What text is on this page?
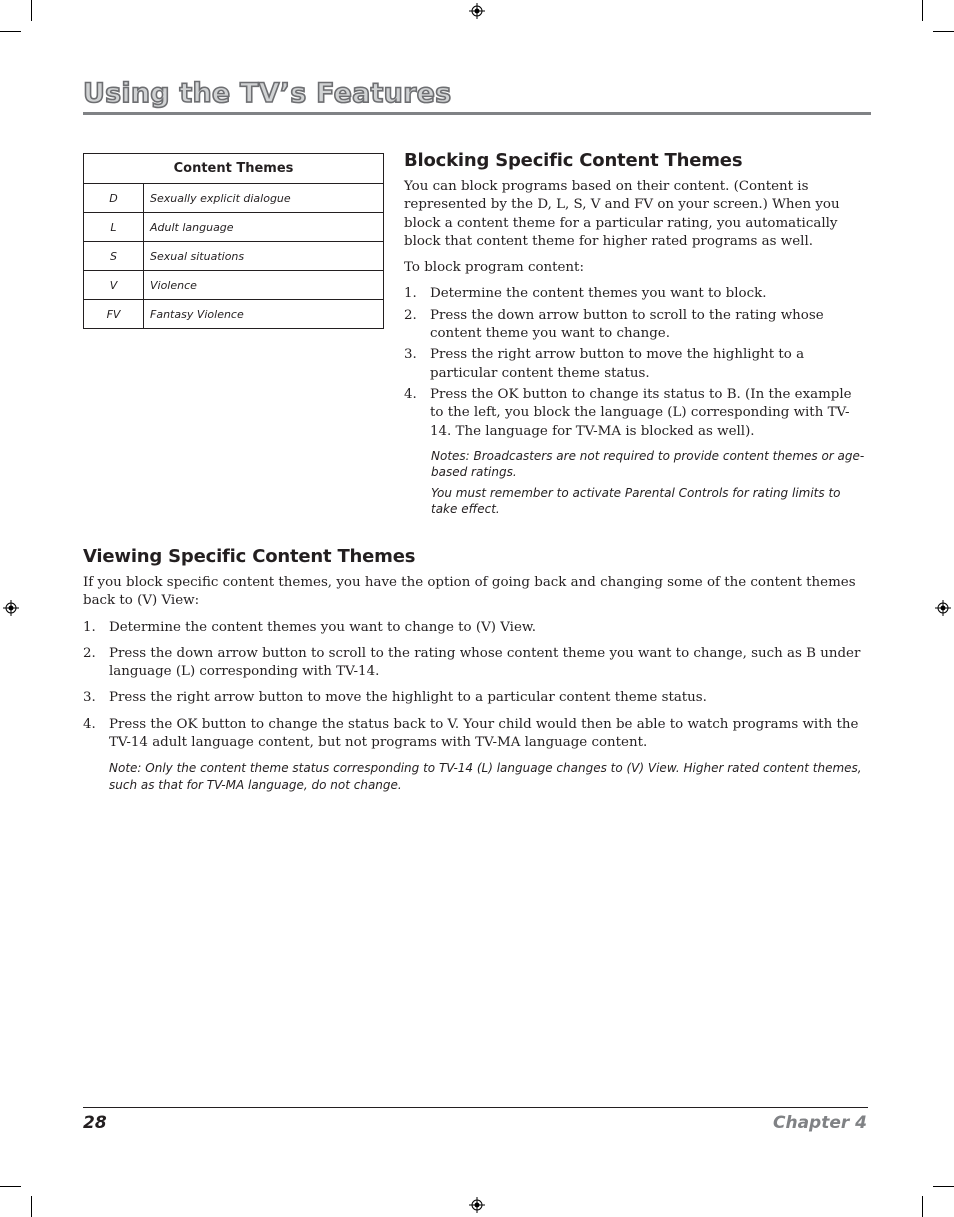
Using the TV’s Features
Content Themes	
D	Sexually explicit dialogue
L	Adult language
S	Sexual situations
V	Violence
FV	Fantasy Violence
Blocking Specific Content Themes

You can block programs based on their content. (Content is represented by the D, L, S, V and FV on your screen.) When you block a content theme for a particular rating, you automatically block that content theme for higher rated programs as well.

To block program content:

1. Determine the content themes you want to block.
2. Press the down arrow button to scroll to the rating whose content theme you want to change.
3. Press the right arrow button to move the highlight to a particular content theme status.
4. Press the OK button to change its status to B. (In the example to the left, you block the language (L) corresponding with TV-14. The language for TV-MA is blocked as well).

Notes: Broadcasters are not required to provide content themes or age-based ratings.

You must remember to activate Parental Controls for rating limits to take effect.

Viewing Specific Content Themes

If you block specific content themes, you have the option of going back and changing some of the content themes back to (V) View:

1. Determine the content themes you want to change to (V) View.
2. Press the down arrow button to scroll to the rating whose content theme you want to change, such as B under language (L) corresponding with TV-14.
3. Press the right arrow button to move the highlight to a particular content theme status.
4. Press the OK button to change the status back to V. Your child would then be able to watch programs with the TV-14 adult language content, but not programs with TV-MA language content.

Note: Only the content theme status corresponding to TV-14 (L) language changes to (V) View. Higher rated content themes, such as that for TV-MA language, do not change.

28	Chapter 4
